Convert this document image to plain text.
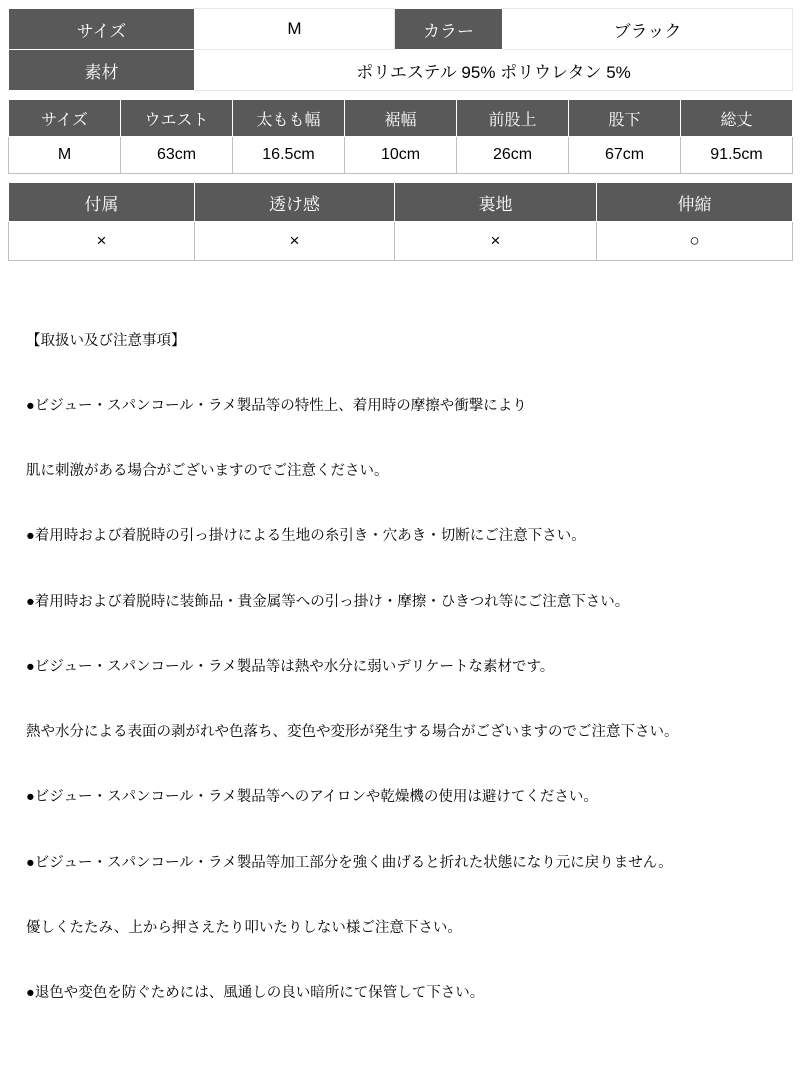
サイズ	M	カラー	ブラック
素材	ポリエステル 95% ポリウレタン 5%		
サイズ	ウエスト	太もも幅	裾幅	前股上	股下	総丈
M	63cm	16.5cm	10cm	26cm	67cm	91.5cm
付属	透け感	裏地	伸縮
×	×	×	○

【取扱い及び注意事項】

●ビジュー・スパンコール・ラメ製品等の特性上、着用時の摩擦や衝撃により

肌に刺激がある場合がございますのでご注意ください。

●着用時および着脱時の引っ掛けによる生地の糸引き・穴あき・切断にご注意下さい。

●着用時および着脱時に装飾品・貴金属等への引っ掛け・摩擦・ひきつれ等にご注意下さい。

●ビジュー・スパンコール・ラメ製品等は熱や水分に弱いデリケートな素材です。

熱や水分による表面の剥がれや色落ち、変色や変形が発生する場合がございますのでご注意下さい。

●ビジュー・スパンコール・ラメ製品等へのアイロンや乾燥機の使用は避けてください。

●ビジュー・スパンコール・ラメ製品等加工部分を強く曲げると折れた状態になり元に戻りません。

優しくたたみ、上から押さえたり叩いたりしない様ご注意下さい。

●退色や変色を防ぐためには、風通しの良い暗所にて保管して下さい。
